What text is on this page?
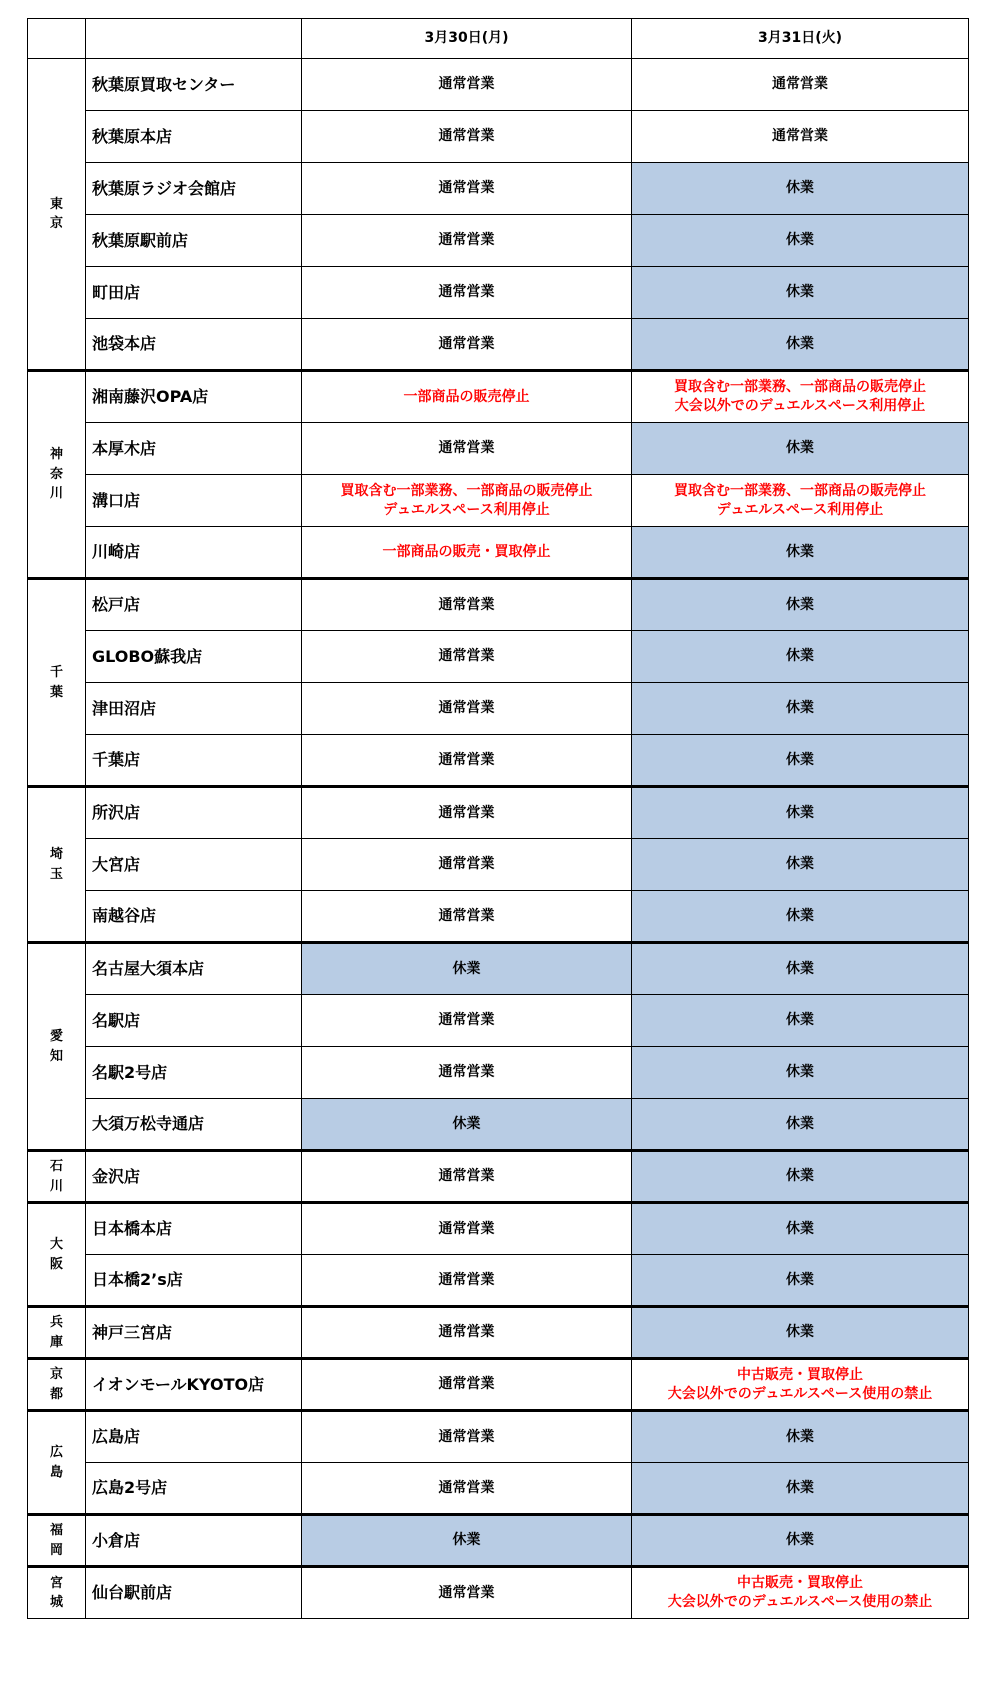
		3月30日(月)	3月31日(火)
東京	秋葉原買取センター	通常営業	通常営業

	秋葉原本店	通常営業	通常営業

	秋葉原ラジオ会館店	通常営業	休業

	秋葉原駅前店	通常営業	休業

	町田店	通常営業	休業

	池袋本店	通常営業	休業

神奈川	湘南藤沢OPA店	一部商品の販売停止	買取含む一部業務、一部商品の販売停止
大会以外でのデュエルスペース利用停止

	本厚木店	通常営業	休業

	溝口店	買取含む一部業務、一部商品の販売停止
デュエルスペース利用停止	買取含む一部業務、一部商品の販売停止
デュエルスペース利用停止

	川崎店	一部商品の販売・買取停止	休業

千葉	松戸店	通常営業	休業

	GLOBO蘇我店	通常営業	休業

	津田沼店	通常営業	休業

	千葉店	通常営業	休業

埼玉	所沢店	通常営業	休業

	大宮店	通常営業	休業

	南越谷店	通常営業	休業

愛知	名古屋大須本店	休業	休業

	名駅店	通常営業	休業

	名駅2号店	通常営業	休業

	大須万松寺通店	休業	休業

石川	金沢店	通常営業	休業

大阪	日本橋本店	通常営業	休業

	日本橋2’s店	通常営業	休業

兵庫	神戸三宮店	通常営業	休業

京都	イオンモールKYOTO店	通常営業	中古販売・買取停止
大会以外でのデュエルスペース使用の禁止

広島	広島店	通常営業	休業

	広島2号店	通常営業	休業

福岡	小倉店	休業	休業

宮城	仙台駅前店	通常営業	中古販売・買取停止
大会以外でのデュエルスペース使用の禁止
